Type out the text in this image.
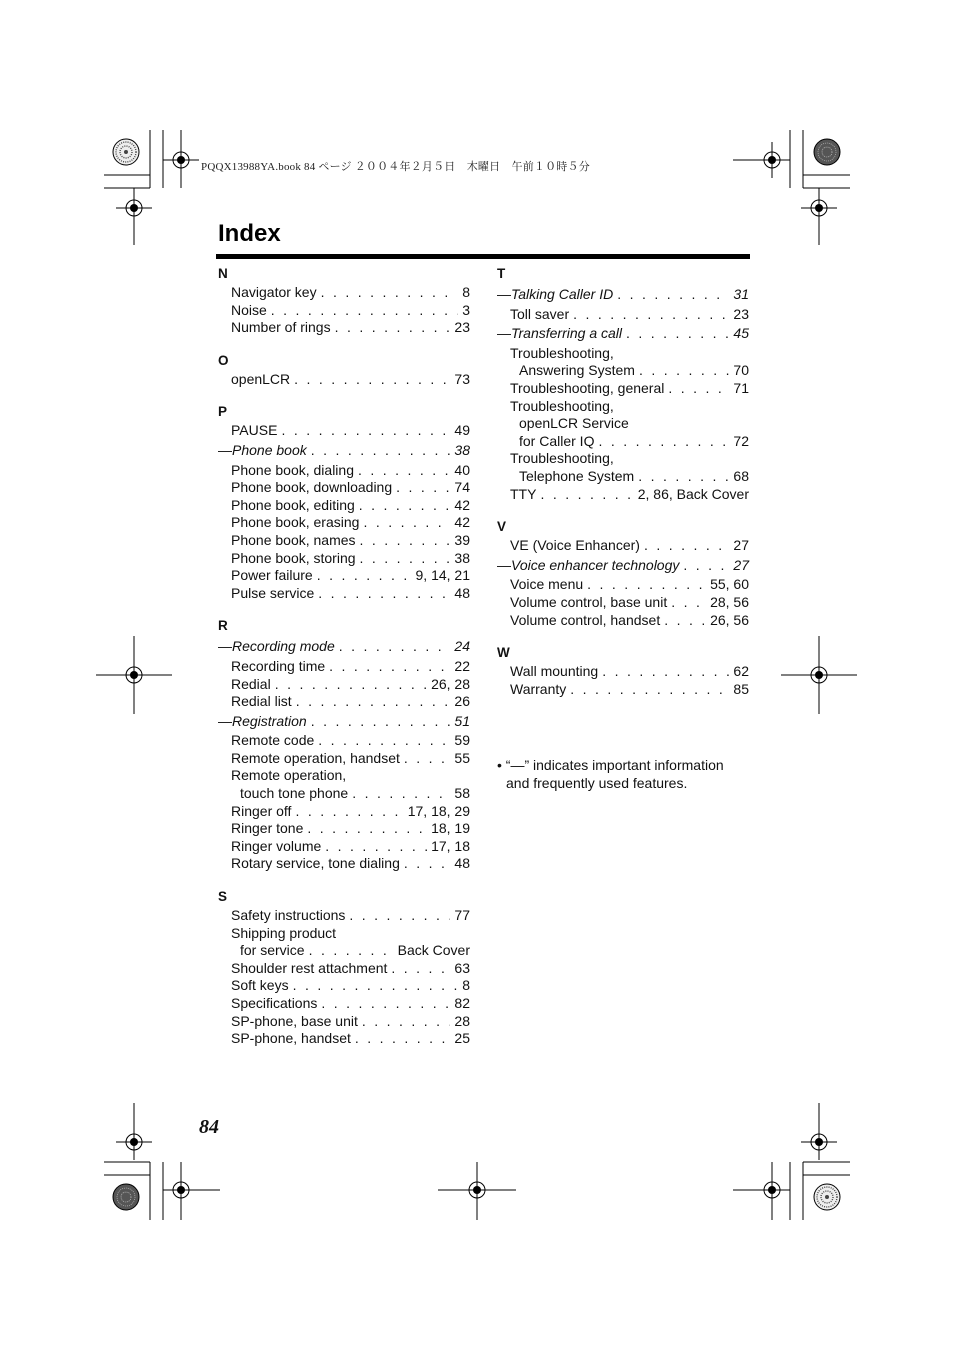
PQQX13988YA.book 84 ページ ２００４年２月５日　木曜日　午前１０時５分
Index
N
Navigator key . . .	8
Noise . . .	3
Number of rings . . .	23
O
openLCR . . .	73
P
PAUSE . . .	49
— Phone book . . .	38
Phone book, dialing . . .	40
Phone book, downloading . . .	74
Phone book, editing . . .	42
Phone book, erasing . . .	42
Phone book, names . . .	39
Phone book, storing . . .	38
Power failure . . .	9, 14, 21
Pulse service . . .	48
R
— Recording mode . . .	24
Recording time . . .	22
Redial . . .	26, 28
Redial list . . .	26
— Registration . . .	51
Remote code . . .	59
Remote operation, handset . . .	55
Remote operation,
touch tone phone . . .	58
Ringer off . . .	17, 18, 29
Ringer tone . . .	18, 19
Ringer volume . . .	17, 18
Rotary service, tone dialing . . .	48
S
Safety instructions . . .	77
Shipping product
for service . . .	Back Cover
Shoulder rest attachment . . .	63
Soft keys . . .	8
Specifications . . .	82
SP-phone, base unit . . .	28
SP-phone, handset . . .	25
T
— Talking Caller ID . . .	31
Toll saver . . .	23
— Transferring a call . . .	45
Troubleshooting,
Answering System . . .	70
Troubleshooting, general . . .	71
Troubleshooting,
openLCR Service
for Caller IQ . . .	72
Troubleshooting,
Telephone System . . .	68
TTY . . .	2, 86, Back Cover
V
VE (Voice Enhancer) . . .	27
— Voice enhancer technology . . .	27
Voice menu . . .	55, 60
Volume control, base unit . . .	28, 56
Volume control, handset . . .	26, 56
W
Wall mounting . . .	62
Warranty . . .	85
• “—” indicates important information
and frequently used features.
84
